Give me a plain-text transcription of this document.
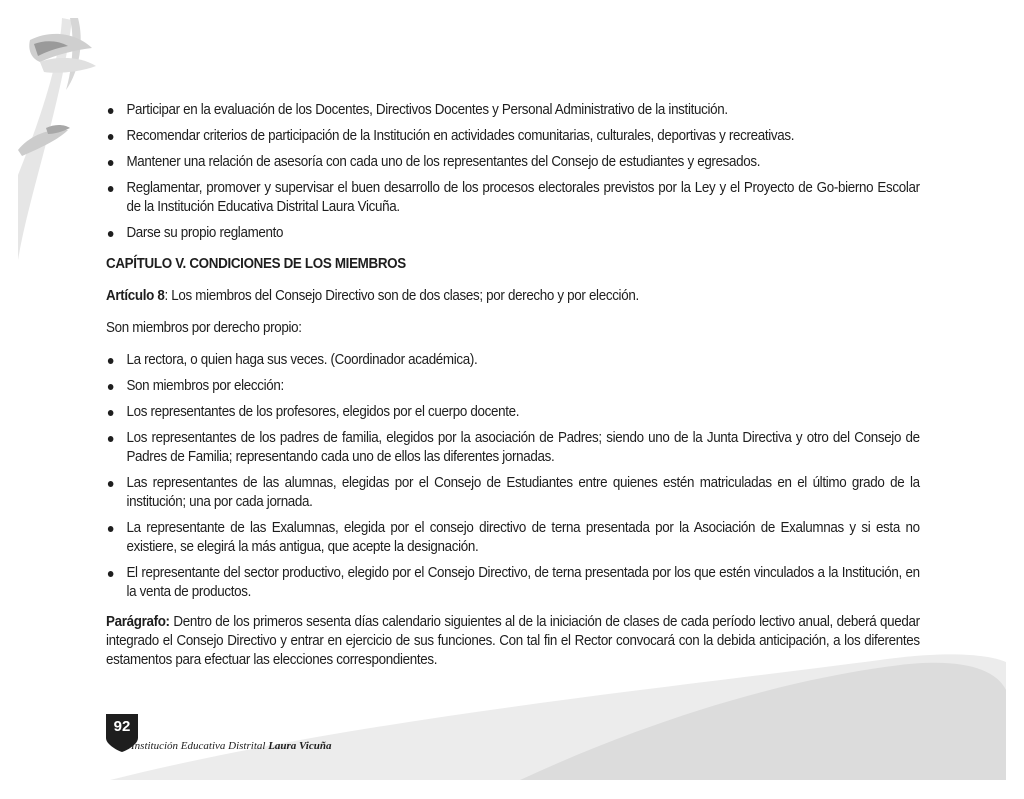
Participar en la evaluación de los Docentes, Directivos Docentes y Personal Administrativo de la institución.
Recomendar criterios de participación de la Institución en actividades comunitarias, culturales, deportivas y recreativas.
Mantener una relación de asesoría con cada uno de los representantes del Consejo de estudiantes y egresados.
Reglamentar, promover y supervisar el buen desarrollo de los procesos electorales previstos por la Ley y el Proyecto de Go-bierno Escolar de la Institución Educativa Distrital Laura Vicuña.
Darse su propio reglamento

CAPÍTULO V. CONDICIONES DE LOS MIEMBROS

Artículo 8: Los miembros del Consejo Directivo son de dos clases; por derecho y por elección.

Son miembros por derecho propio:

La rectora, o quien haga sus veces. (Coordinador académica).
Son miembros por elección:
Los representantes de los profesores, elegidos por el cuerpo docente.
Los representantes de los padres de familia, elegidos por la asociación de Padres; siendo uno de la Junta Directiva y otro del Consejo de Padres de Familia; representando cada uno de ellos las diferentes jornadas.
Las representantes de las alumnas, elegidas por el Consejo de Estudiantes entre quienes estén matriculadas en el último grado de la institución; una por cada jornada.
La representante de las Exalumnas, elegida por el consejo directivo de terna presentada por la Asociación de Exalumnas y si esta no existiere, se elegirá la más antigua, que acepte la designación.
El representante del sector productivo, elegido por el Consejo Directivo, de terna presentada por los que estén vinculados a la Institución, en la venta de productos.

Parágrafo: Dentro de los primeros sesenta días calendario siguientes al de la iniciación de clases de cada período lectivo anual, deberá quedar integrado el Consejo Directivo y entrar en ejercicio de sus funciones. Con tal fin el Rector convocará con la debida anticipación, a los diferentes estamentos para efectuar las elecciones correspondientes.

92
Institución Educativa Distrital Laura Vicuña
